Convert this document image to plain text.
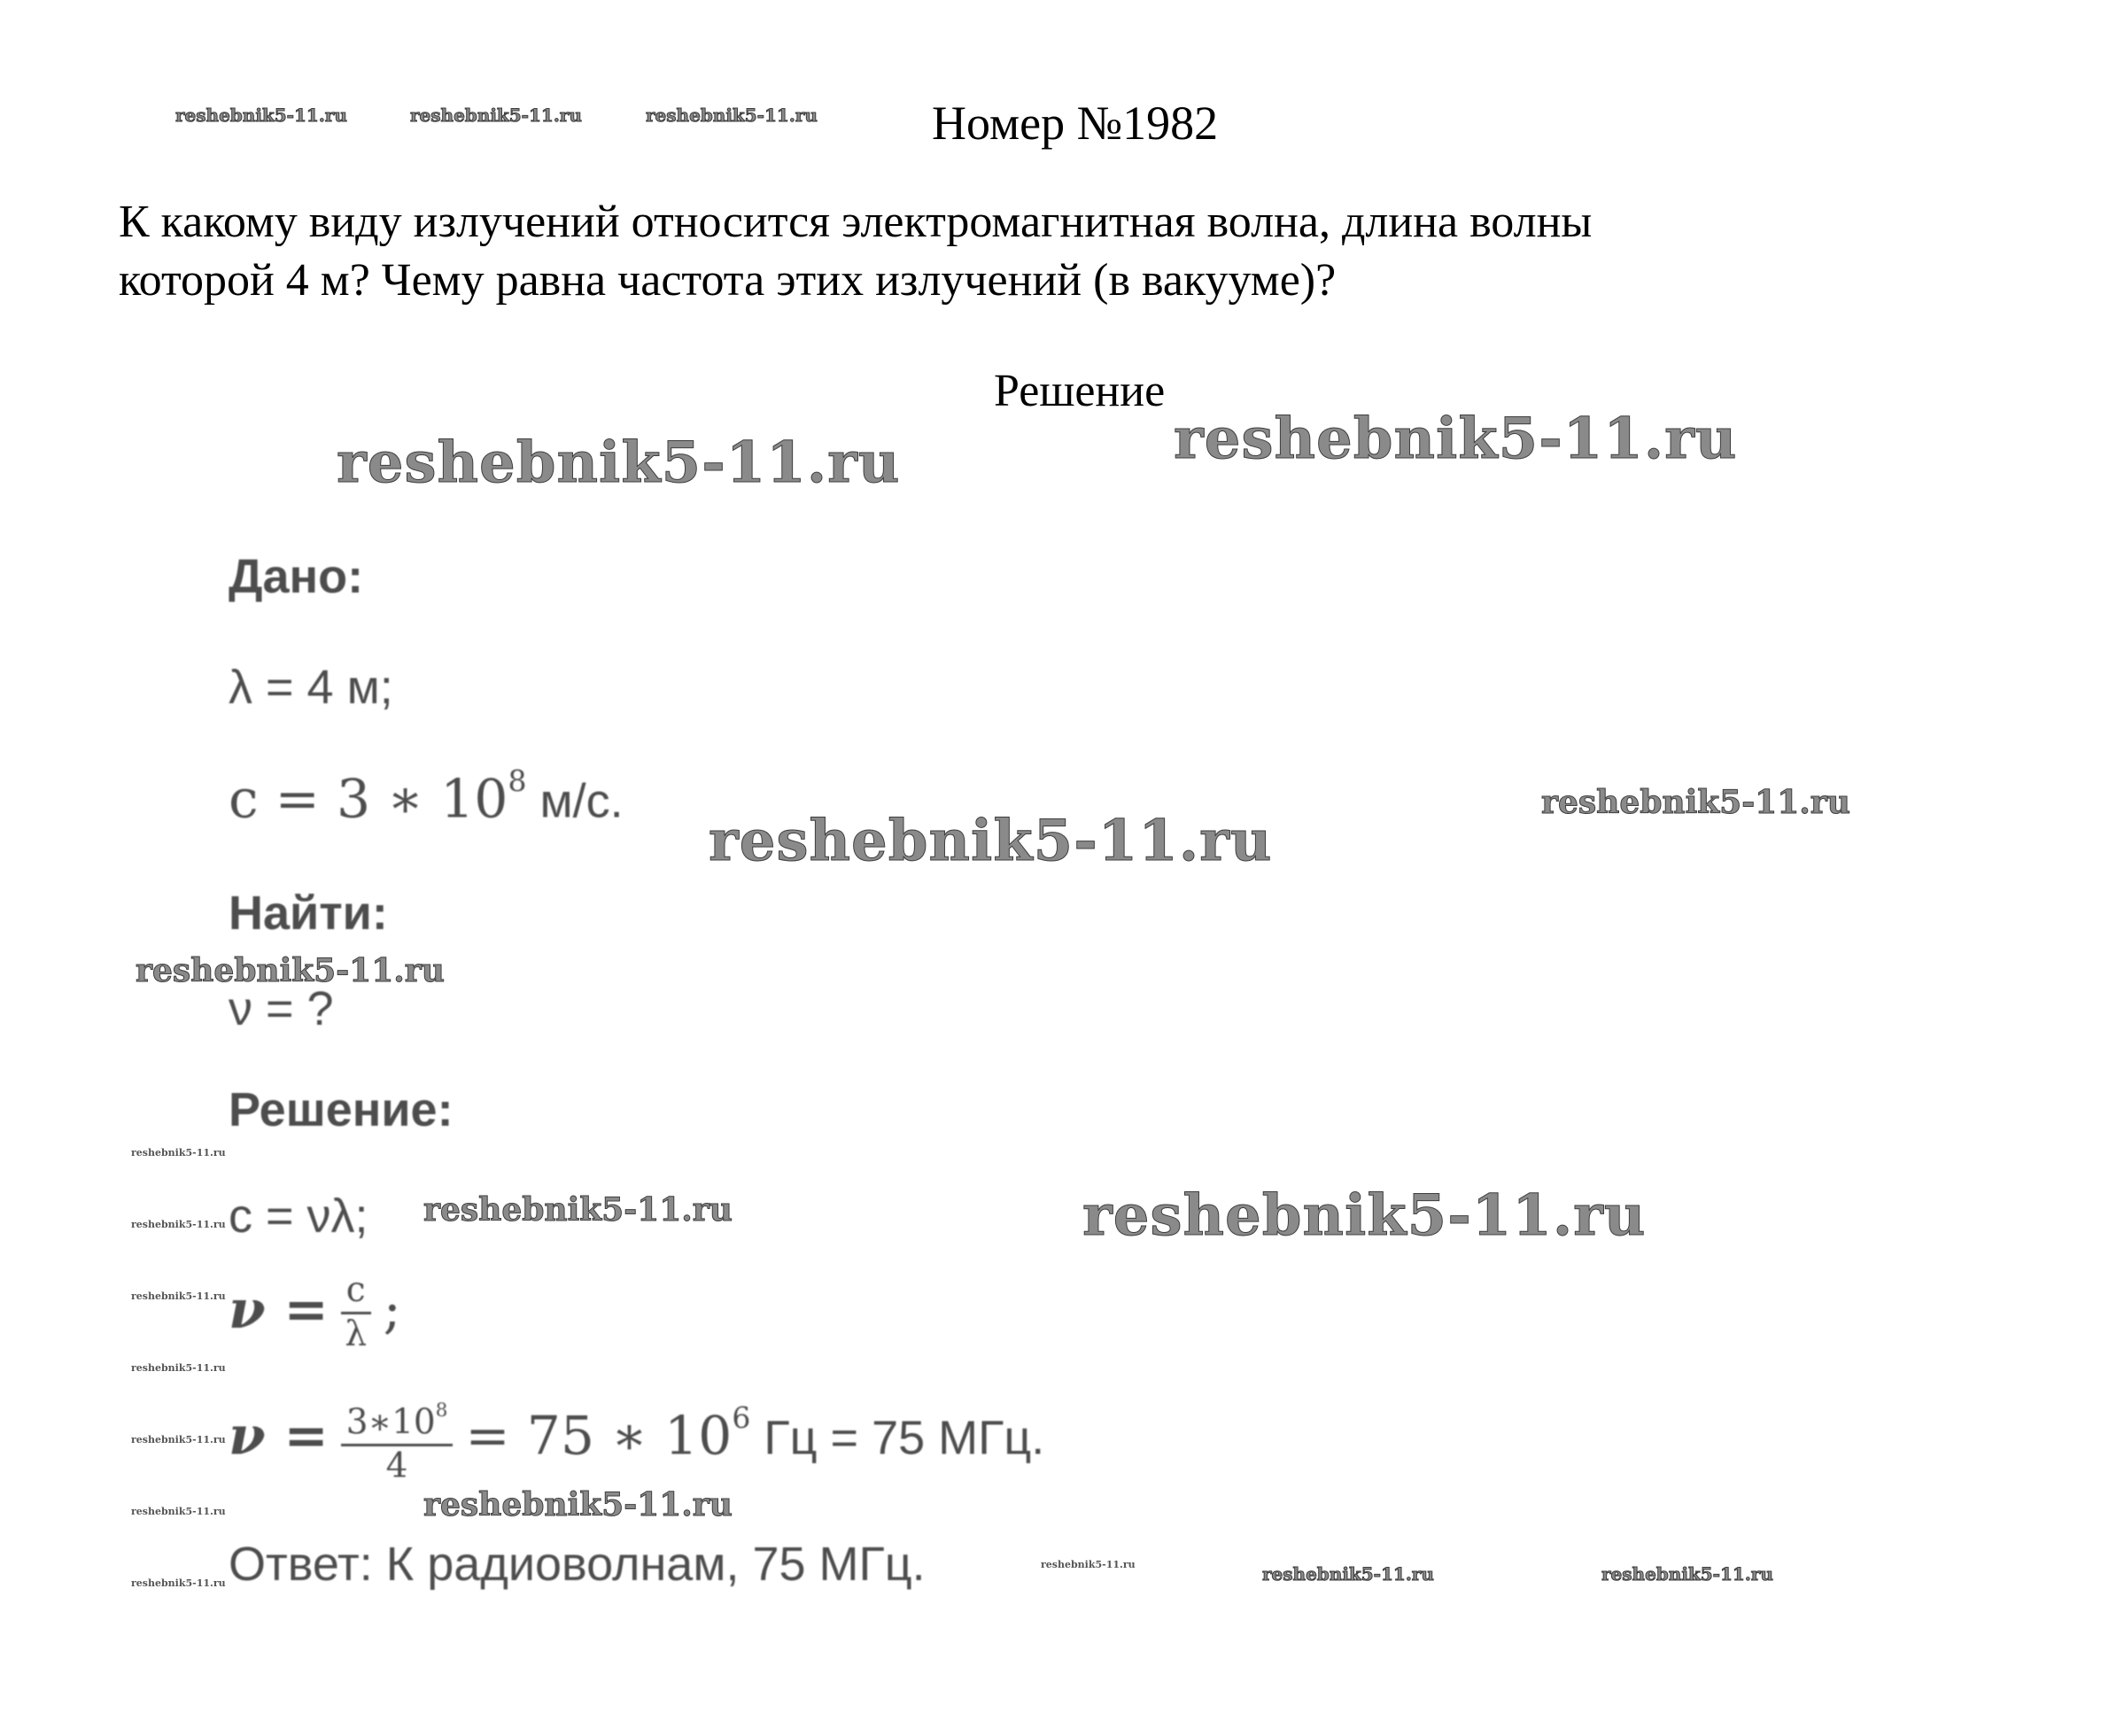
Номер №1982
reshebnik5-11.ru	reshebnik5-11.ru	reshebnik5-11.ru
К какому виду излучений относится электромагнитная волна, длина волны
которой 4 м? Чему равна частота этих излучений (в вакууме)?
Решение
reshebnik5-11.ru	reshebnik5-11.ru
Дано:
λ = 4 м;
c = 3 ∗ $10^8$ м/с.
reshebnik5-11.ru
reshebnik5-11.ru
Найти:
reshebnik5-11.ru
ν = ?
Решение:
c = νλ; reshebnik5-11.ru	reshebnik5-11.ru
$\nu = \frac{c}{\lambda}$ ;
$\nu = \frac{3∗10^8}{4} = 75$ ∗ $10^6$ Гц = 75 МГц.
reshebnik5-11.ru
Ответ: К радиоволнам, 75 МГц.	reshebnik5-11.ru	reshebnik5-11.ru	reshebnik5-11.ru
reshebnik5-11.ru
reshebnik5-11.ru
reshebnik5-11.ru
reshebnik5-11.ru
reshebnik5-11.ru
reshebnik5-11.ru
reshebnik5-11.ru
